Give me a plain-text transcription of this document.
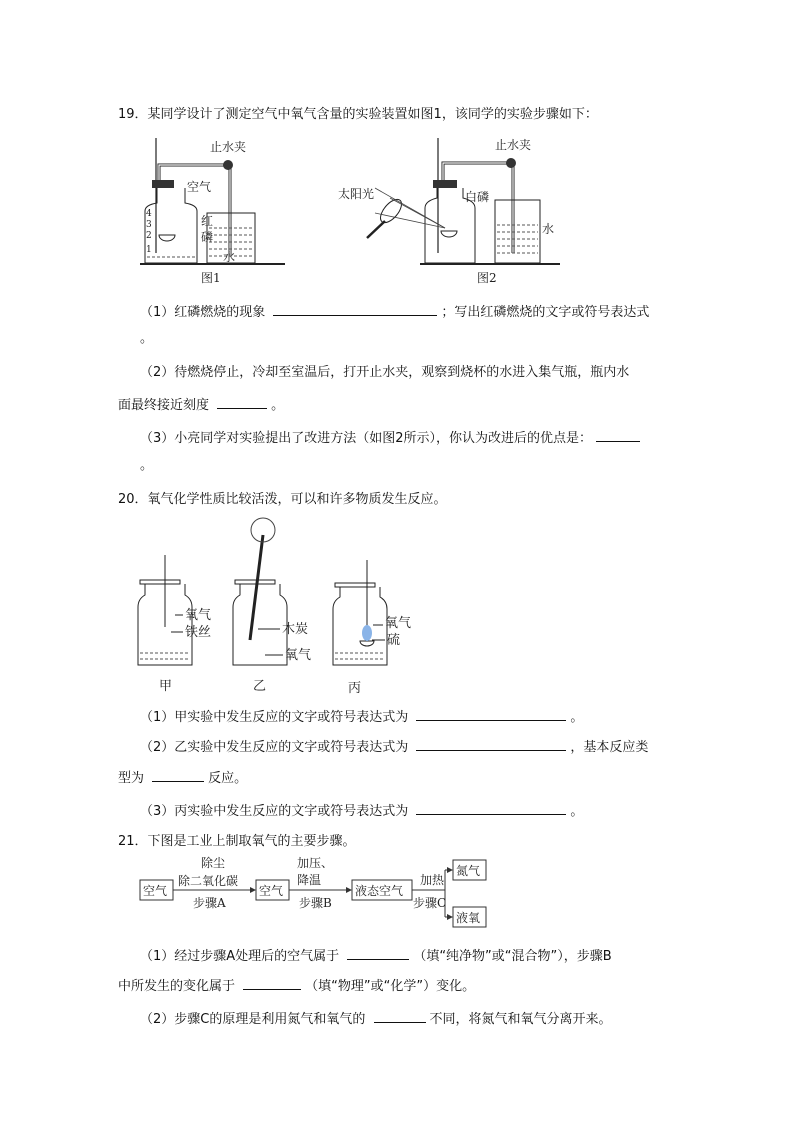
19．某同学设计了测定空气中氧气含量的实验装置如图1，该同学的实验步骤如下：
止水夹
空气
红
磷
水
4
3
2
1
图1
止水夹
太阳光	白磷
水
图2
（1）红磷燃烧的现象	；写出红磷燃烧的文字或符号表达式
。
（2）待燃烧停止，冷却至室温后，打开止水夹，观察到烧杯的水进入集气瓶，瓶内水
面最终接近刻度	。
（3）小亮同学对实验提出了改进方法（如图2所示），你认为改进后的优点是：
。
20．氧气化学性质比较活泼，可以和许多物质发生反应。
氧气
铁丝	木炭
氧气
氧气
硫
甲	乙	丙
（1）甲实验中发生反应的文字或符号表达式为	。
（2）乙实验中发生反应的文字或符号表达式为	，基本反应类
型为	反应。
（3）丙实验中发生反应的文字或符号表达式为	。
21．下图是工业上制取氧气的主要步骤。
空气
除尘
除二氧化碳
步骤A
空气
加压、
降温
步骤B
液态空气
加热
步骤C
氮气
液氧
（1）经过步骤A处理后的空气属于	（填“纯净物”或“混合物”），步骤B
中所发生的变化属于	（填“物理”或“化学”）变化。
（2）步骤C的原理是利用氮气和氧气的	不同，将氮气和氧气分离开来。
